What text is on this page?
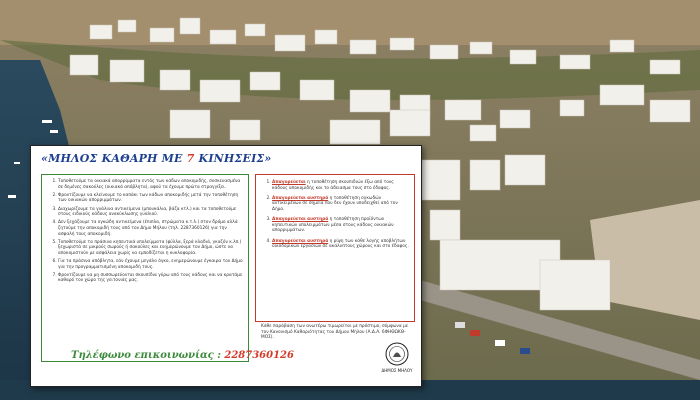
«ΜΗΛΟΣ ΚΑΘΑΡΗ ΜΕ 7 ΚΙΝΗΣΕΙΣ»
1. Τοποθετούμε τα οικιακά απορρίμματα εντός των κάδων αποκομιδής, συσκευασμένα σε δεμένες σακούλες (οικιακά απόβλητα), αφού τα έχουμε πρώτα στραγγίξει.
2. Φροντίζουμε να κλείνουμε το καπάκι των κάδων αποκομιδής μετά την τοποθέτηση των οικιακών απορριμμάτων.
3. Διαχωρίζουμε τα γυάλινα αντικείμενα (μπουκάλια, βάζα κτλ.) και τα τοποθετούμε στους ειδικούς κάδους ανακύκλωσης γυαλιού.
4. Δεν ξεχάζουμε τα ογκώδη αντικείμενα (έπιπλα, στρώματα κ.τ.λ.) στον δρόμο αλλά ζητούμε την αποκομιδή τους από τον Δήμο Μήλου (τηλ. 2287360126) για την ασφαλή τους αποκομιδή.
5. Τοποθετούμε τα πράσινα κηπευτικά υπολείμματα (φύλλα, ξερά κλαδιά, γκαζόν κ.λπ.) ξεχωριστά σε μικρούς σωρούς ή σακούλες και ενημερώνουμε τον Δήμο, ώστε να αποκομιστούν με ασφάλεια χωρίς να εμποδίζεται η κυκλοφορία.
6. Για τα πράσινα απόβλητα, εάν έχουμε μεγάλο όγκο, ενημερώνουμε έγκαιρα τον Δήμο για την προγραμματισμένη αποκομιδή τους.
7. Φροντίζουμε να μη συσσωρεύονται σκουπίδια γύρω από τους κάδους και να κρατάμε καθαρό τον χώρο της γειτονιάς μας.
1. Απαγορεύεται η τοποθέτηση σκουπιδιών έξω από τους κάδους αποκομιδής και το άδειασμα τους στο έδαφος.
2. Απαγορεύεται αυστηρά η τοποθέτηση ογκωδών αντικειμένων σε σημεία που δεν έχουν υποδειχθεί από τον Δήμο.
3. Απαγορεύεται αυστηρά η τοποθέτηση προϊόντων κηπευτικών υπολειμμάτων μέσα στους κάδους οικιακών απορριμμάτων.
4. Απαγορεύεται αυστηρά η ρίψη των κάθε λογής αποβλήτων οικοδομικών εργασιών σε ακάλυπτους χώρους και στο έδαφος.
Κάθε παράβαση των ανωτέρω τιμωρείται με πρόστιμο, σύμφωνα με τον Κανονισμό Καθαριότητας του Δήμου Μήλου (Α.Δ.Α. 6ΦΗΘΩΚΘ-ΜΟΣ).
Τηλέφωνο επικοινωνίας : 2287360126
ΔΗΜΟΣ ΜΗΛΟΥ
